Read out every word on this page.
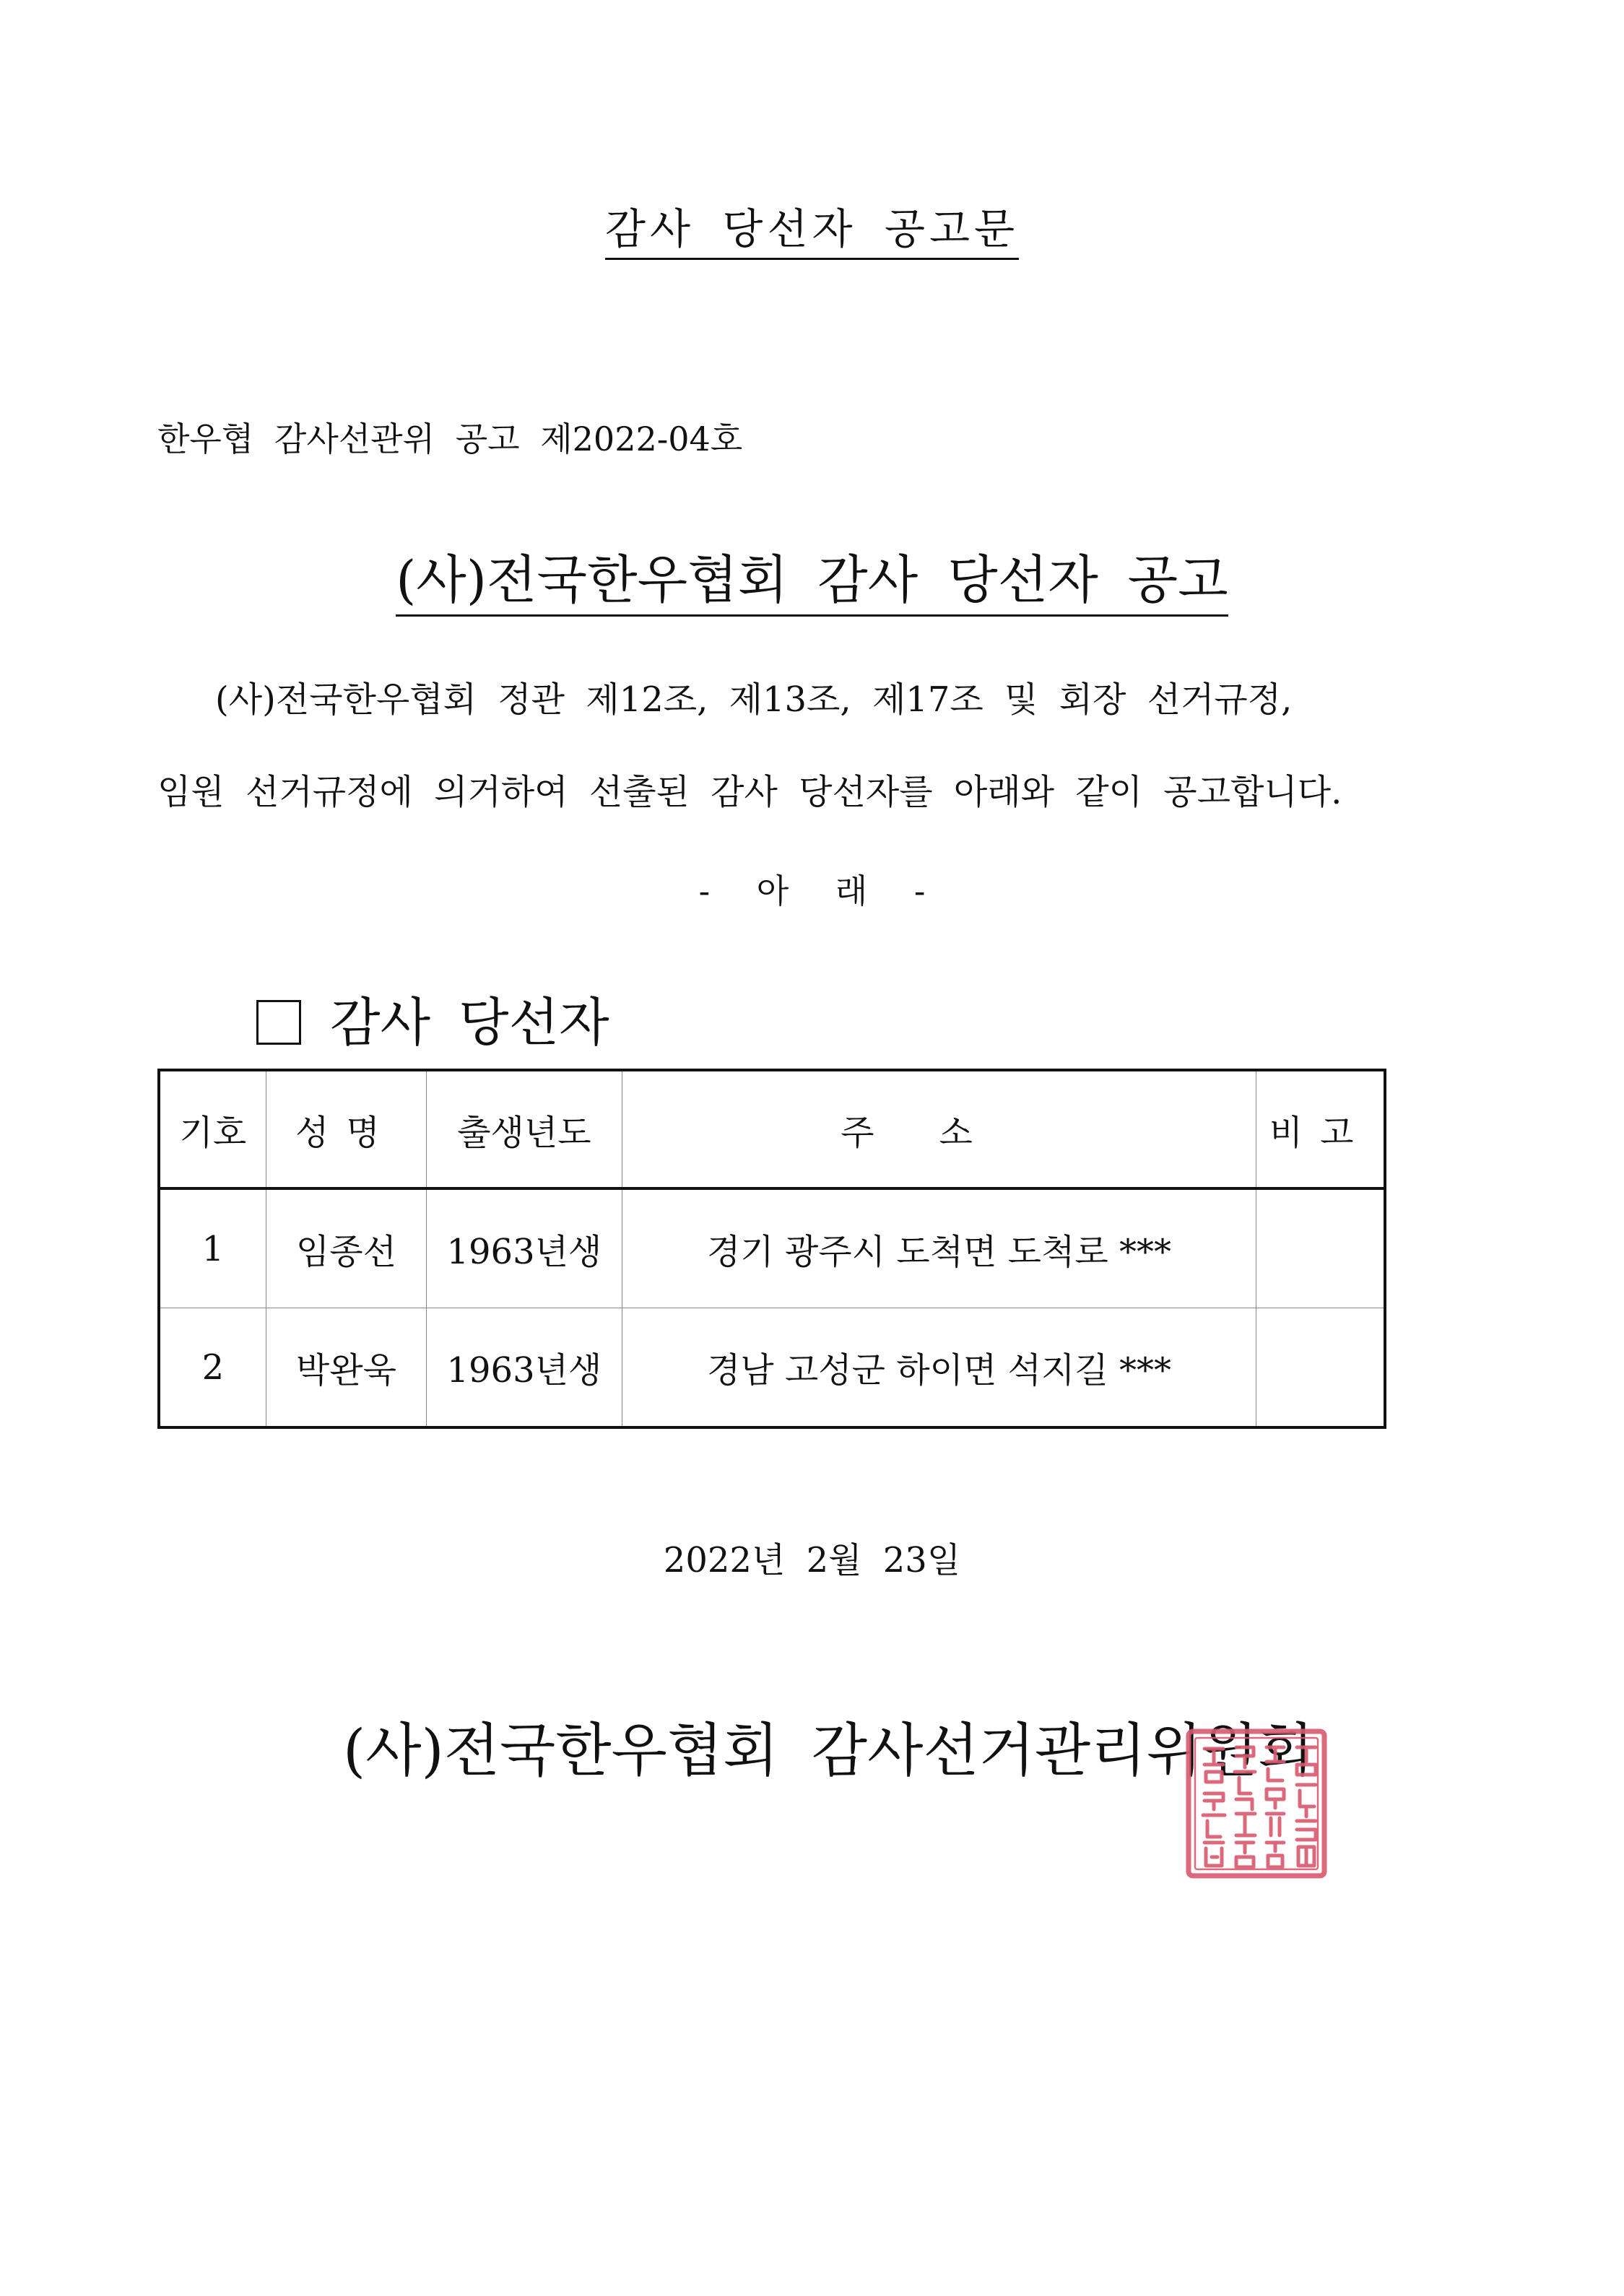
감사 당선자 공고문
한우협 감사선관위 공고 제2022-04호
(사)전국한우협회 감사 당선자 공고
(사)전국한우협회 정관 제12조, 제13조, 제17조 및 회장 선거규정,
임원 선거규정에 의거하여 선출된 감사 당선자를 아래와 같이 공고합니다.
- 아 래 -
감사 당선자
기호	성명	출생년도	주소	비고
1	임종선	1963년생	경기 광주시 도척면 도척로 ***	
2	박완욱	1963년생	경남 고성군 하이면 석지길 ***	
2022년 2월 23일
(사)전국한우협회 감사선거관리위원회
